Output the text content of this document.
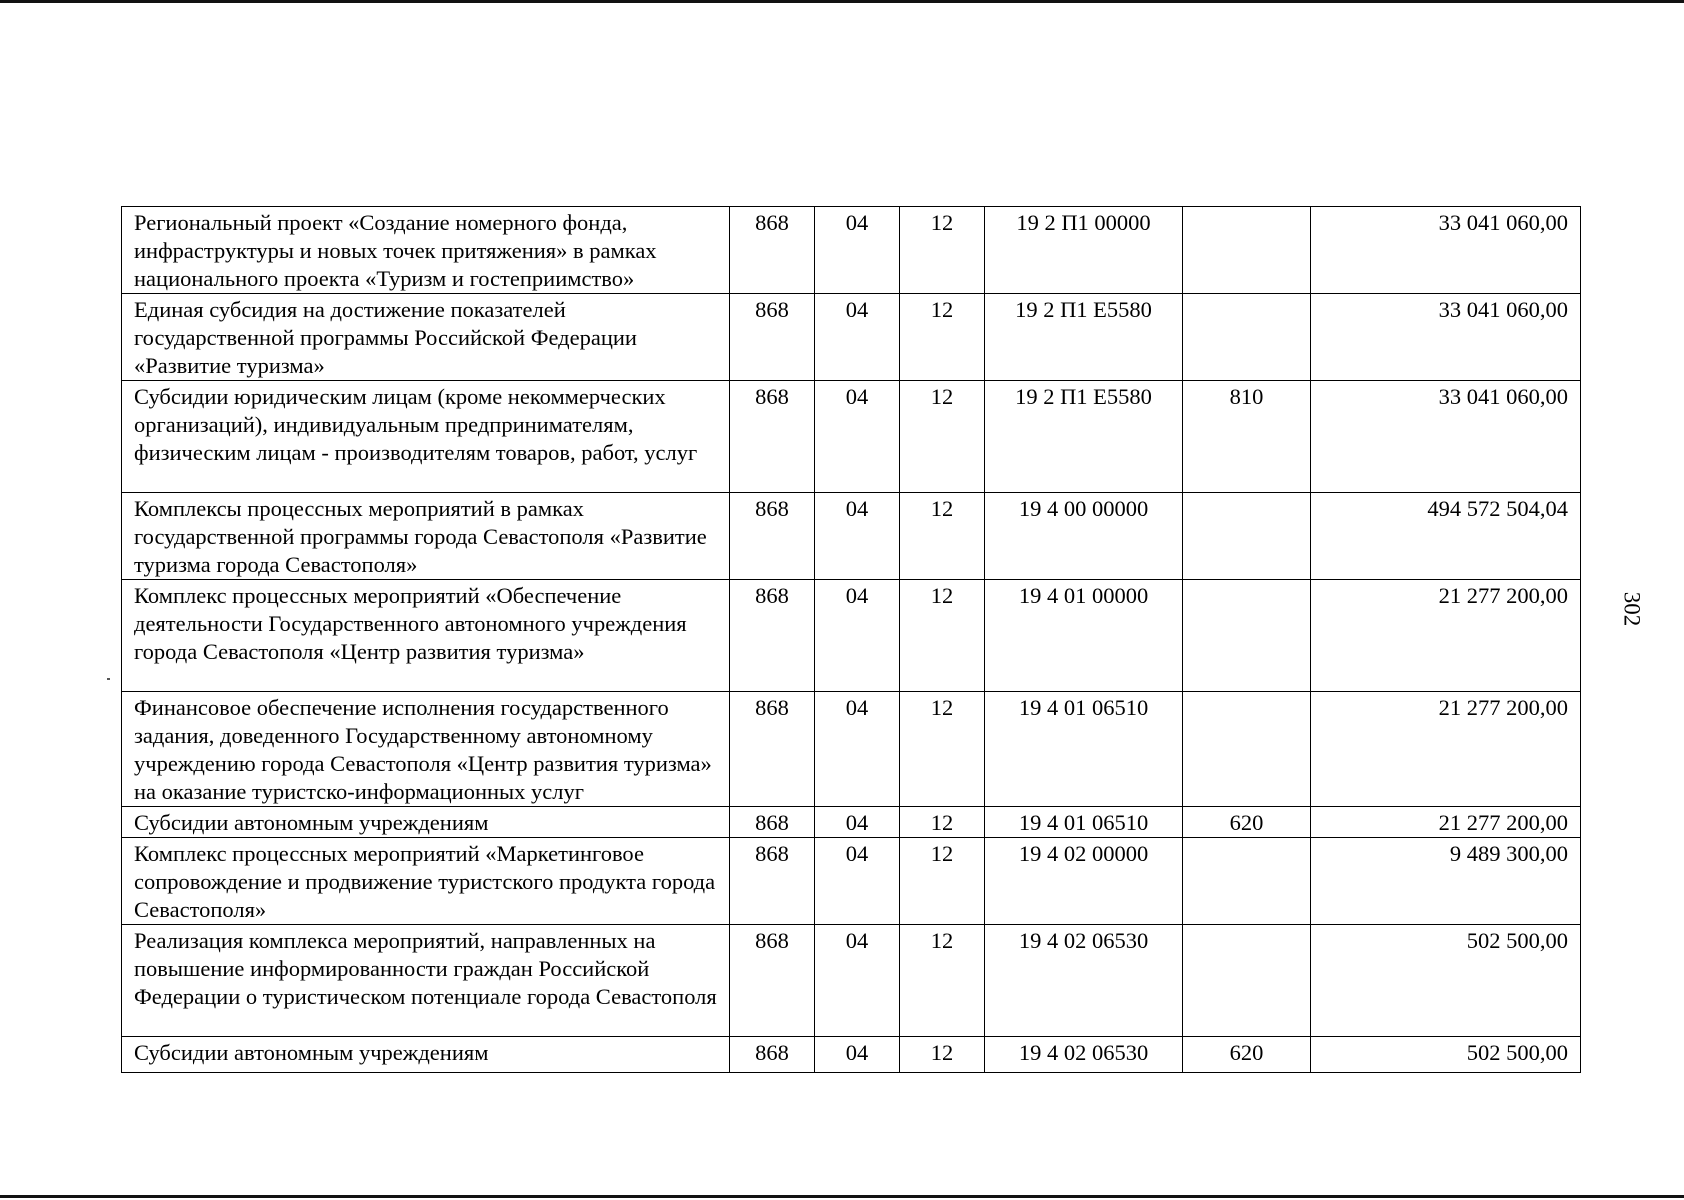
Региональный проект «Создание номерного фонда, инфраструктуры и новых точек притяжения» в рамках национального проекта «Туризм и гостеприимство»	868	04	12	19 2 П1 00000		33 041 060,00
Единая субсидия на достижение показателей государственной программы Российской Федерации «Развитие туризма»	868	04	12	19 2 П1 E5580		33 041 060,00
Субсидии юридическим лицам (кроме некоммерческих организаций), индивидуальным предпринимателям, физическим лицам - производителям товаров, работ, услуг	868	04	12	19 2 П1 E5580	810	33 041 060,00
Комплексы процессных мероприятий в рамках государственной программы города Севастополя «Развитие туризма города Севастополя»	868	04	12	19 4 00 00000		494 572 504,04
Комплекс процессных мероприятий «Обеспечение деятельности Государственного автономного учреждения города Севастополя «Центр развития туризма»	868	04	12	19 4 01 00000		21 277 200,00
Финансовое обеспечение исполнения государственного задания, доведенного Государственному автономному учреждению города Севастополя «Центр развития туризма» на оказание туристско-информационных услуг	868	04	12	19 4 01 06510		21 277 200,00
Субсидии автономным учреждениям	868	04	12	19 4 01 06510	620	21 277 200,00
Комплекс процессных мероприятий «Маркетинговое сопровождение и продвижение туристского продукта города Севастополя»	868	04	12	19 4 02 00000		9 489 300,00
Реализация комплекса мероприятий, направленных на повышение информированности граждан Российской Федерации о туристическом потенциале города Севастополя	868	04	12	19 4 02 06530		502 500,00
Субсидии автономным учреждениям	868	04	12	19 4 02 06530	620	502 500,00
302
